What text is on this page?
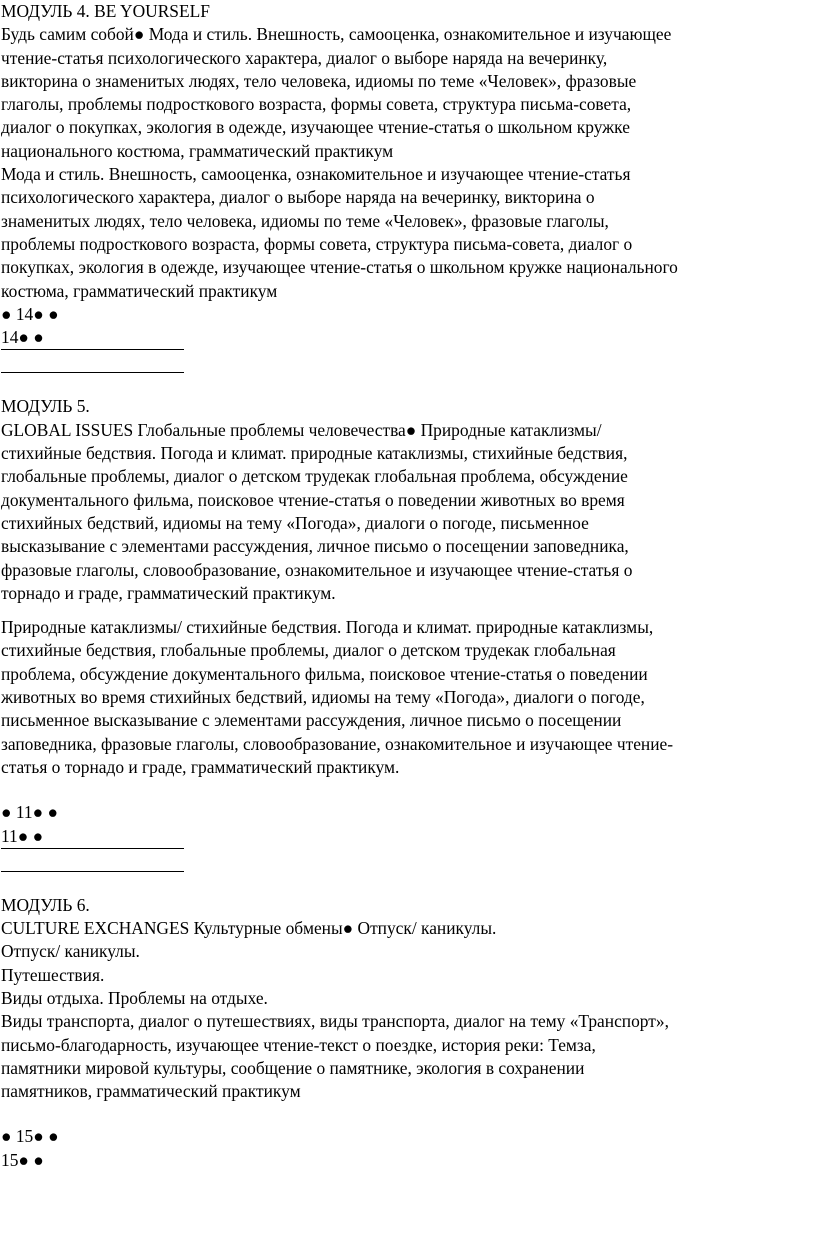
МОДУЛЬ 4. BE YOURSELF
Будь самим собой● Мода и стиль. Внешность, самооценка, ознакомительное и изучающее
чтение-статья психологического характера, диалог о выборе наряда на вечеринку,
викторина о знаменитых людях, тело человека, идиомы по теме «Человек», фразовые
глаголы, проблемы подросткового возраста, формы совета, структура письма-совета,
диалог о покупках, экология в одежде, изучающее чтение-статья о школьном кружке
национального костюма, грамматический практикум
Мода и стиль. Внешность, самооценка, ознакомительное и изучающее чтение-статья
психологического характера, диалог о выборе наряда на вечеринку, викторина о
знаменитых людях, тело человека, идиомы по теме «Человек», фразовые глаголы,
проблемы подросткового возраста, формы совета, структура письма-совета, диалог о
покупках, экология в одежде, изучающее чтение-статья о школьном кружке национального
костюма, грамматический практикум
● 14● ●
14● ●
МОДУЛЬ 5.
GLOBAL ISSUES Глобальные проблемы человечества● Природные катаклизмы/
стихийные бедствия. Погода и климат. природные катаклизмы, стихийные бедствия,
глобальные проблемы, диалог о детском трудекак глобальная проблема, обсуждение
документального фильма, поисковое чтение-статья о поведении животных во время
стихийных бедствий, идиомы на тему «Погода», диалоги о погоде, письменное
высказывание с элементами рассуждения, личное письмо о посещении заповедника,
фразовые глаголы, словообразование, ознакомительное и изучающее чтение-статья о
торнадо и граде, грамматический практикум.
Природные катаклизмы/ стихийные бедствия. Погода и климат. природные катаклизмы,
стихийные бедствия, глобальные проблемы, диалог о детском трудекак глобальная
проблема, обсуждение документального фильма, поисковое чтение-статья о поведении
животных во время стихийных бедствий, идиомы на тему «Погода», диалоги о погоде,
письменное высказывание с элементами рассуждения, личное письмо о посещении
заповедника, фразовые глаголы, словообразование, ознакомительное и изучающее чтение-
статья о торнадо и граде, грамматический практикум.
● 11● ●
11● ●
МОДУЛЬ 6.
CULTURE EXCHANGES Культурные обмены● Отпуск/ каникулы.
Отпуск/ каникулы.
Путешествия.
Виды отдыха. Проблемы на отдыхе.
Виды транспорта, диалог о путешествиях, виды транспорта, диалог на тему «Транспорт»,
письмо-благодарность, изучающее чтение-текст о поездке, история реки: Темза,
памятники мировой культуры, сообщение о памятнике, экология в сохранении
памятников, грамматический практикум
● 15● ●
15● ●
